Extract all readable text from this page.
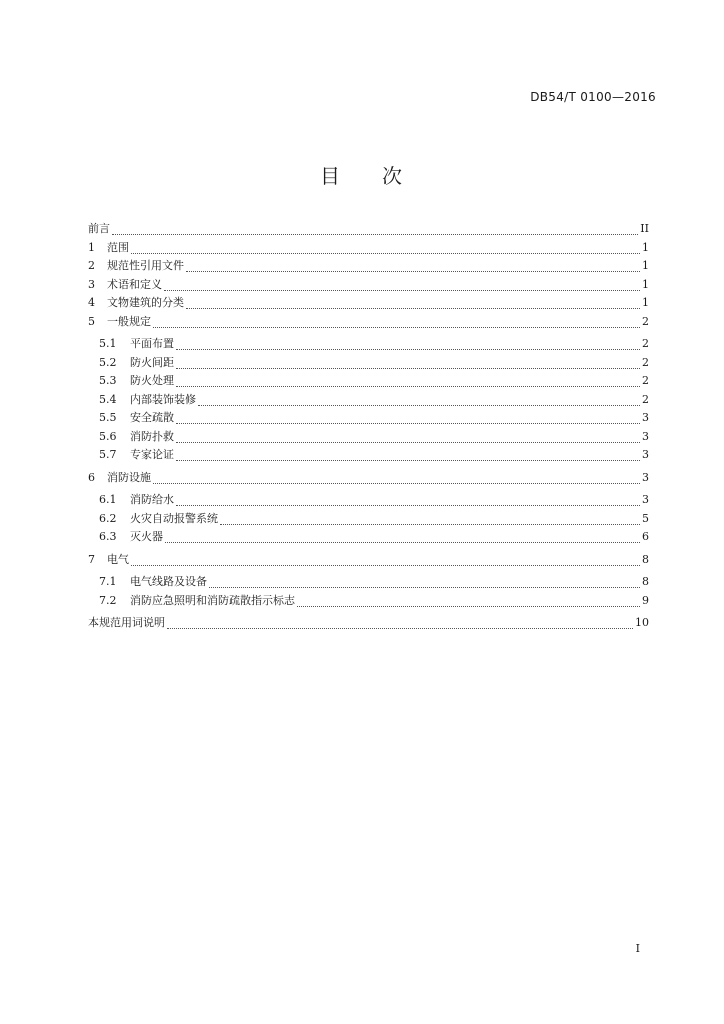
DB54/T 0100—2016
目 次
前言	II
1	范围	1
2	规范性引用文件	1
3	术语和定义	1
4	文物建筑的分类	1
5	一般规定	2
5.1	平面布置	2
5.2	防火间距	2
5.3	防火处理	2
5.4	内部装饰装修	2
5.5	安全疏散	3
5.6	消防扑救	3
5.7	专家论证	3
6	消防设施	3
6.1	消防给水	3
6.2	火灾自动报警系统	5
6.3	灭火器	6
7	电气	8
7.1	电气线路及设备	8
7.2	消防应急照明和消防疏散指示标志	9
本规范用词说明	10
I
